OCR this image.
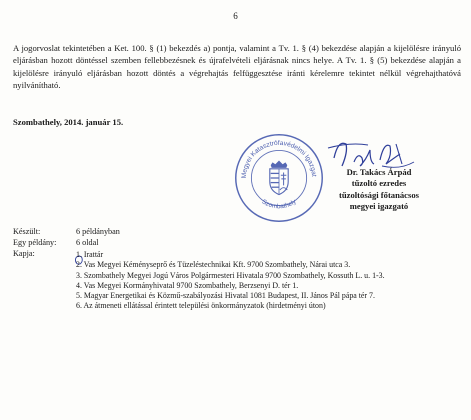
6

A jogorvoslat tekintetében a Ket. 100. § (1) bekezdés a) pontja, valamint a Tv. 1. § (4) bekezdése alapján a kijelölésre irányuló eljárásban hozott döntéssel szemben fellebbezésnek és újrafelvételi eljárásnak nincs helye. A Tv. 1. § (5) bekezdése alapján a kijelölésre irányuló eljárásban hozott döntés a végrehajtás felfüggesztése iránti kérelemre tekintet nélkül végrehajthatóvá nyilvánítható.

Szombathely, 2014. január 15.
Megyei Katasztrófavédelmi Igazgat
Szombathely
Dr. Takács Árpád
tűzoltó ezredes
tűzoltósági főtanácsos
megyei igazgató
Készült:	6 példányban
Egy példány: 6 oldal
Kapja:	1. Irattár
2. Vas Megyei Kéményseprő és Tüzeléstechnikai Kft. 9700 Szombathely, Nárai utca 3.
3. Szombathely Megyei Jogú Város Polgármesteri Hivatala 9700 Szombathely, Kossuth L. u. 1-3.
4. Vas Megyei Kormányhivatal 9700 Szombathely, Berzsenyi D. tér 1.
5. Magyar Energetikai és Közmű-szabályozási Hivatal 1081 Budapest, II. János Pál pápa tér 7.
6. Az átmeneti ellátással érintett települési önkormányzatok (hirdetményi úton)
